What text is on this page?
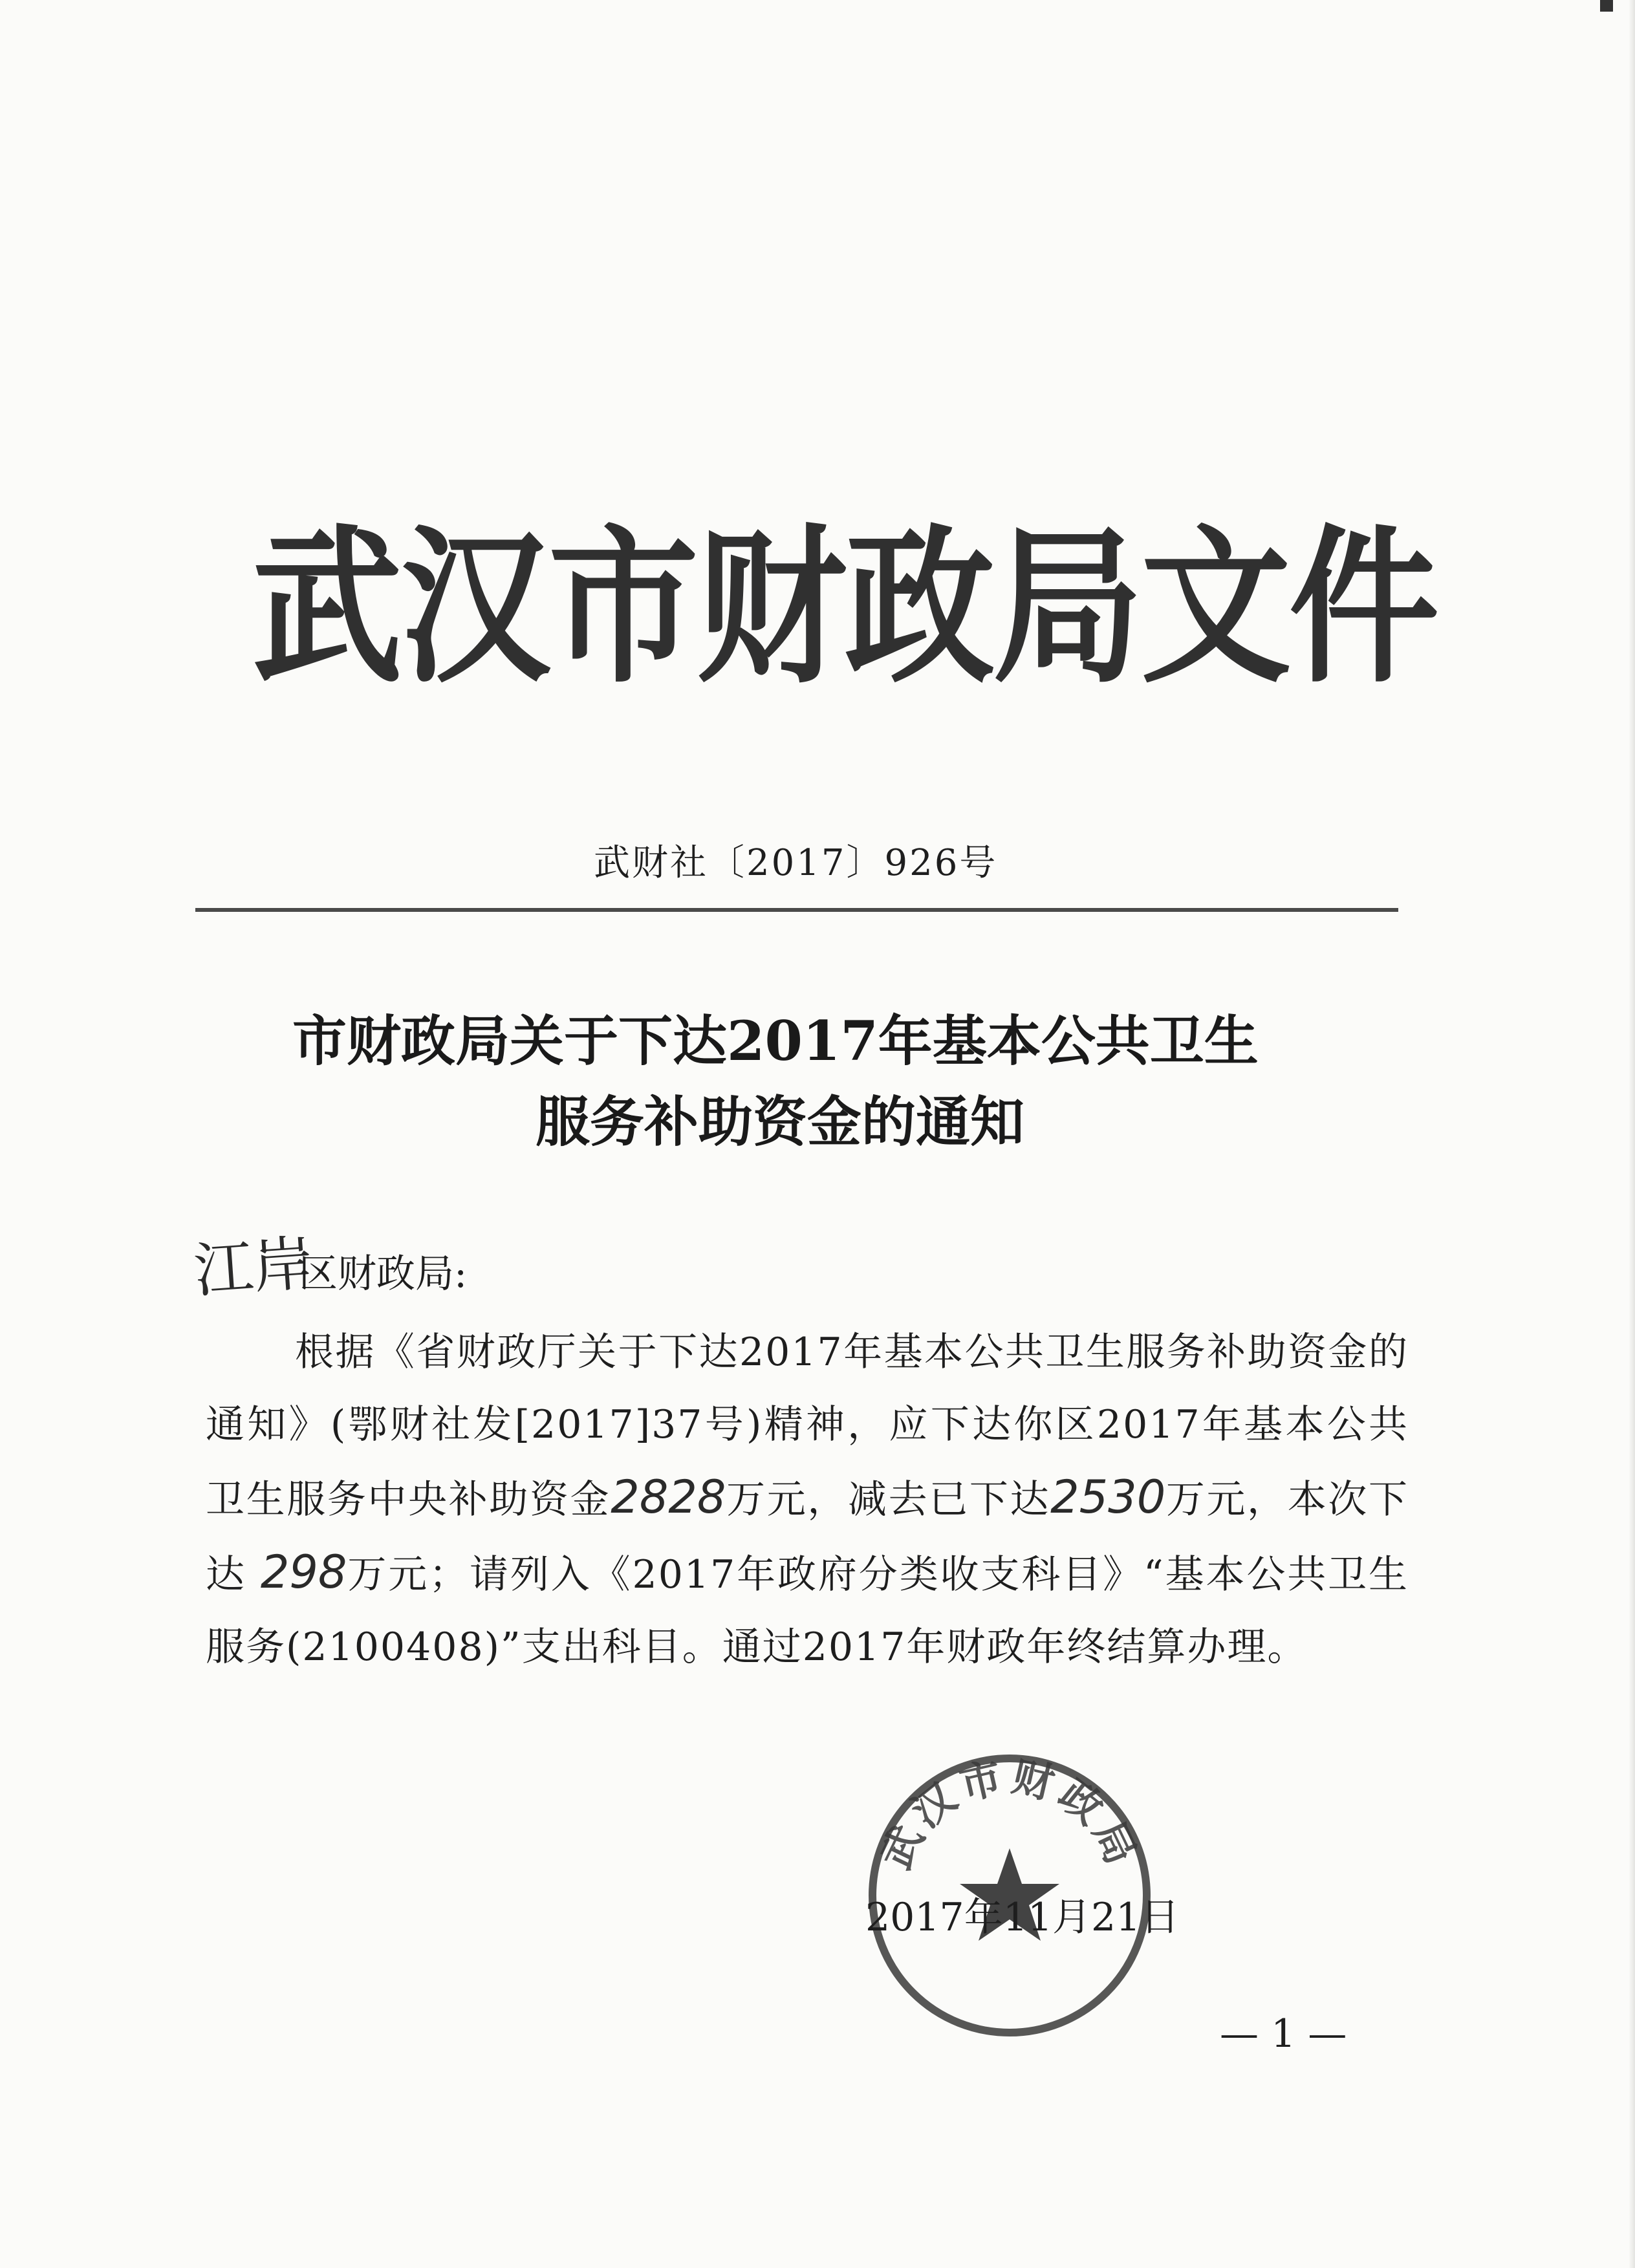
武汉市财政局文件
武财社〔2017〕926号
市财政局关于下达2017年基本公共卫生
服务补助资金的通知
江岸
区财政局:
根据《省财政厅关于下达2017年基本公共卫生服务补助资金的通知》(鄂财社发[2017]37号)精神，应下达你区2017年基本公共卫生服务中央补助资金2828万元，减去已下达2530万元，本次下达 298万元；请列入《2017年政府分类收支科目》“基本公共卫生服务(2100408)”支出科目。通过2017年财政年终结算办理。
武汉市财政局
2017年11月21日
— 1 —
